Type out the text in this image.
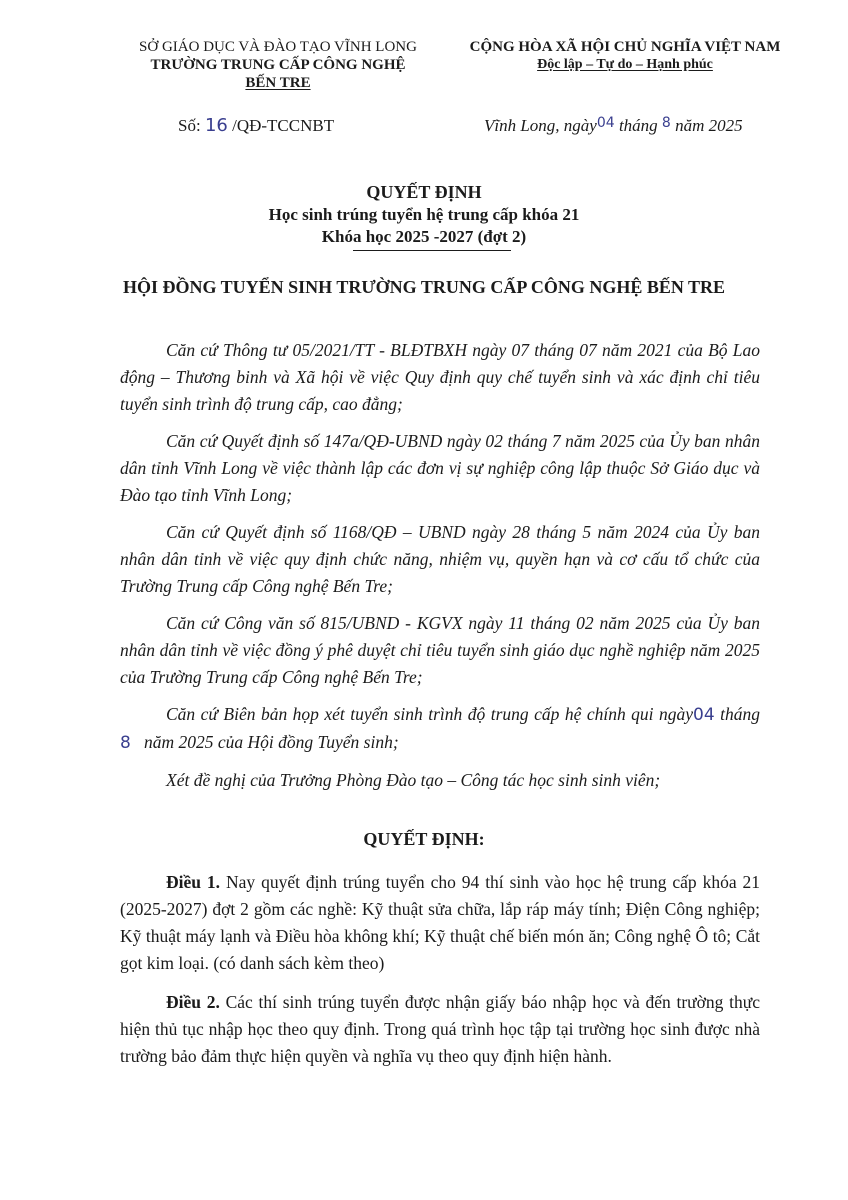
SỞ GIÁO DỤC VÀ ĐÀO TẠO VĨNH LONG
TRƯỜNG TRUNG CẤP CÔNG NGHỆ
BẾN TRE
CỘNG HÒA XÃ HỘI CHỦ NGHĨA VIỆT NAM
Độc lập – Tự do – Hạnh phúc
Số: 16 /QĐ-TCCNBT	Vĩnh Long, ngày$^{04}$ tháng $^8$ năm 2025
QUYẾT ĐỊNH
Học sinh trúng tuyển hệ trung cấp khóa 21
Khóa học 2025 -2027 (đợt 2)
HỘI ĐỒNG TUYỂN SINH TRƯỜNG TRUNG CẤP CÔNG NGHỆ BẾN TRE

Căn cứ Thông tư 05/2021/TT - BLĐTBXH ngày 07 tháng 07 năm 2021 của Bộ Lao động – Thương binh và Xã hội về việc Quy định quy chế tuyển sinh và xác định chỉ tiêu tuyển sinh trình độ trung cấp, cao đẳng;

Căn cứ Quyết định số 147a/QĐ-UBND ngày 02 tháng 7 năm 2025 của Ủy ban nhân dân tỉnh Vĩnh Long về việc thành lập các đơn vị sự nghiệp công lập thuộc Sở Giáo dục và Đào tạo tỉnh Vĩnh Long;

Căn cứ Quyết định số 1168/QĐ – UBND ngày 28 tháng 5 năm 2024 của Ủy ban nhân dân tỉnh về việc quy định chức năng, nhiệm vụ, quyền hạn và cơ cấu tổ chức của Trường Trung cấp Công nghệ Bến Tre;

Căn cứ Công văn số 815/UBND - KGVX ngày 11 tháng 02 năm 2025 của Ủy ban nhân dân tỉnh về việc đồng ý phê duyệt chỉ tiêu tuyển sinh giáo dục nghề nghiệp năm 2025 của Trường Trung cấp Công nghệ Bến Tre;

Căn cứ Biên bản họp xét tuyển sinh trình độ trung cấp hệ chính qui ngày04 tháng 8 năm 2025 của Hội đồng Tuyển sinh;

Xét đề nghị của Trưởng Phòng Đào tạo – Công tác học sinh sinh viên;

QUYẾT ĐỊNH:

Điều 1. Nay quyết định trúng tuyển cho 94 thí sinh vào học hệ trung cấp khóa 21 (2025-2027) đợt 2 gồm các nghề: Kỹ thuật sửa chữa, lắp ráp máy tính; Điện Công nghiệp; Kỹ thuật máy lạnh và Điều hòa không khí; Kỹ thuật chế biến món ăn; Công nghệ Ô tô; Cắt gọt kim loại. (có danh sách kèm theo)

Điều 2. Các thí sinh trúng tuyển được nhận giấy báo nhập học và đến trường thực hiện thủ tục nhập học theo quy định. Trong quá trình học tập tại trường học sinh được nhà trường bảo đảm thực hiện quyền và nghĩa vụ theo quy định hiện hành.
